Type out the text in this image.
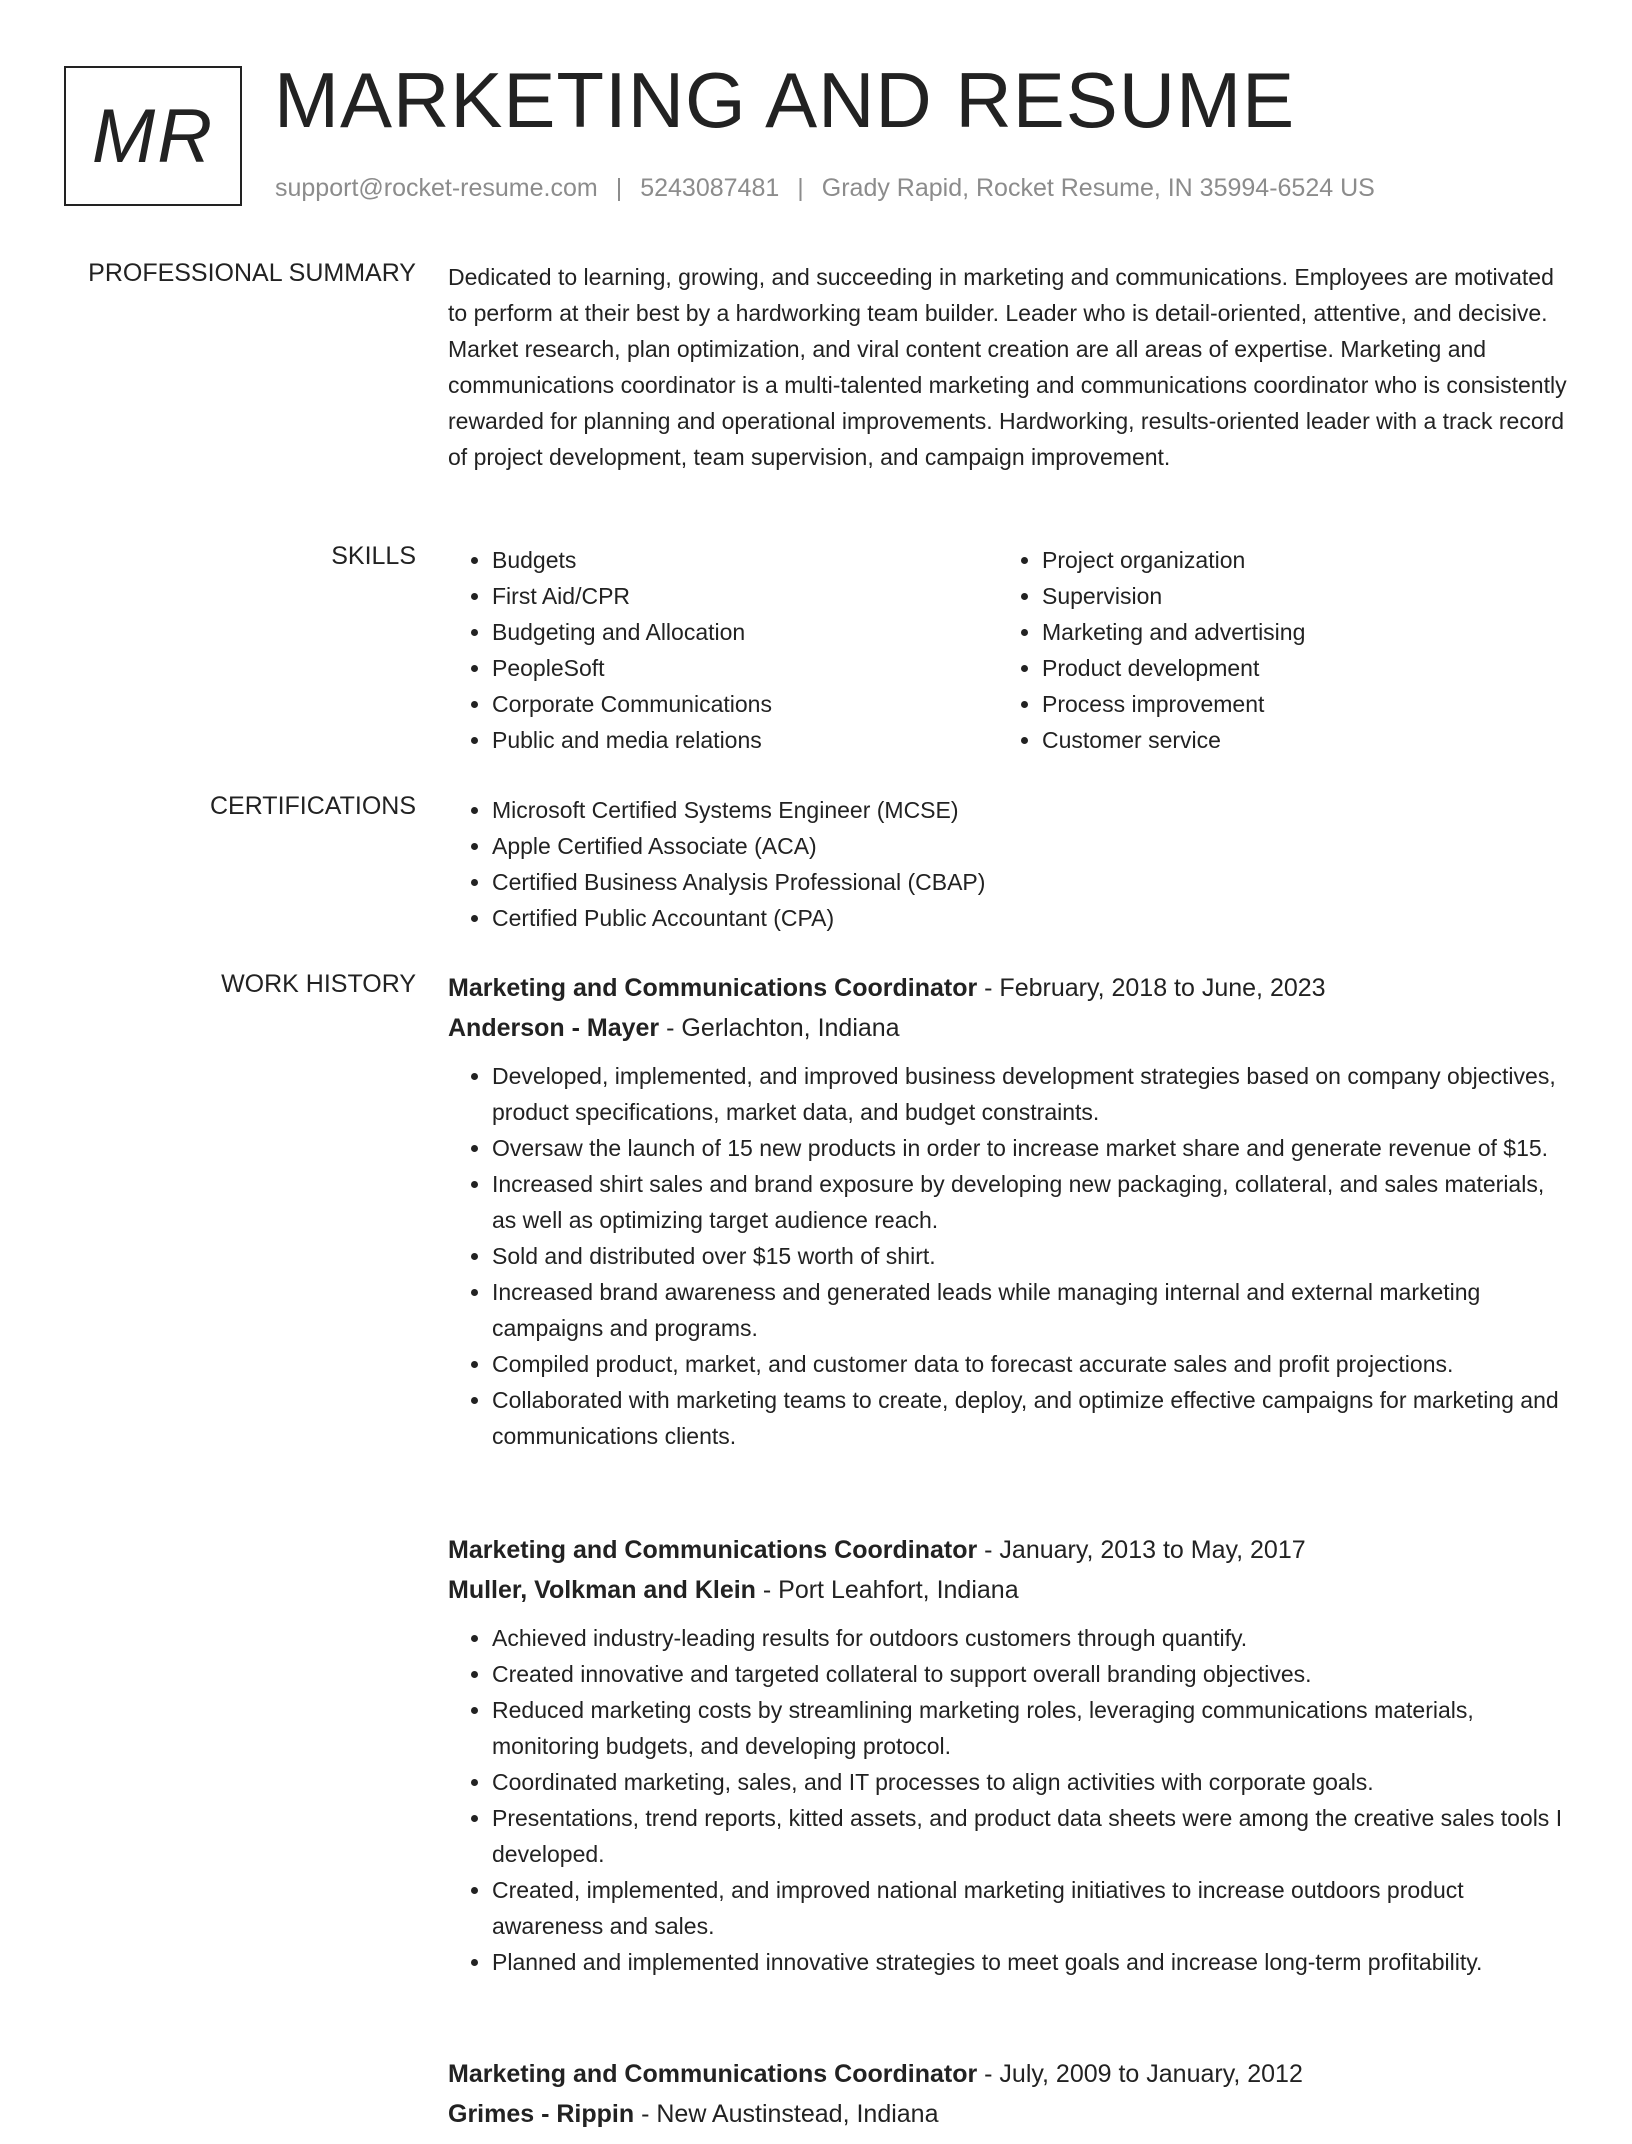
MR MARKETING AND RESUME
support@rocket-resume.com | 5243087481 | Grady Rapid, Rocket Resume, IN 35994-6524 US
PROFESSIONAL SUMMARY Dedicated to learning, growing, and succeeding in marketing and communications. Employees are motivated to perform at their best by a hardworking team builder. Leader who is detail-oriented, attentive, and decisive. Market research, plan optimization, and viral content creation are all areas of expertise. Marketing and communications coordinator is a multi-talented marketing and communications coordinator who is consistently rewarded for planning and operational improvements. Hardworking, results-oriented leader with a track record of project development, team supervision, and campaign improvement.

SKILLS	• Budgets
• First Aid/CPR
• Budgeting and Allocation
• PeopleSoft
• Corporate Communications
• Public and media relations
• Project organization
• Supervision
• Marketing and advertising
• Product development
• Process improvement
• Customer service
CERTIFICATIONS	• Microsoft Certified Systems Engineer (MCSE)
• Apple Certified Associate (ACA)
• Certified Business Analysis Professional (CBAP)
• Certified Public Accountant (CPA)
WORK HISTORY Marketing and Communications Coordinator - February, 2018 to June, 2023
Anderson - Mayer - Gerlachton, Indiana
• Developed, implemented, and improved business development strategies based on company objectives, product specifications, market data, and budget constraints.
• Oversaw the launch of 15 new products in order to increase market share and generate revenue of $15.
• Increased shirt sales and brand exposure by developing new packaging, collateral, and sales materials, as well as optimizing target audience reach.
• Sold and distributed over $15 worth of shirt.
• Increased brand awareness and generated leads while managing internal and external marketing campaigns and programs.
• Compiled product, market, and customer data to forecast accurate sales and profit projections.
• Collaborated with marketing teams to create, deploy, and optimize effective campaigns for marketing and communications clients.
Marketing and Communications Coordinator - January, 2013 to May, 2017
Muller, Volkman and Klein - Port Leahfort, Indiana
• Achieved industry-leading results for outdoors customers through quantify.
• Created innovative and targeted collateral to support overall branding objectives.
• Reduced marketing costs by streamlining marketing roles, leveraging communications materials, monitoring budgets, and developing protocol.
• Coordinated marketing, sales, and IT processes to align activities with corporate goals.
• Presentations, trend reports, kitted assets, and product data sheets were among the creative sales tools I developed.
• Created, implemented, and improved national marketing initiatives to increase outdoors product awareness and sales.
• Planned and implemented innovative strategies to meet goals and increase long-term profitability.
Marketing and Communications Coordinator - July, 2009 to January, 2012
Grimes - Rippin - New Austinstead, Indiana
